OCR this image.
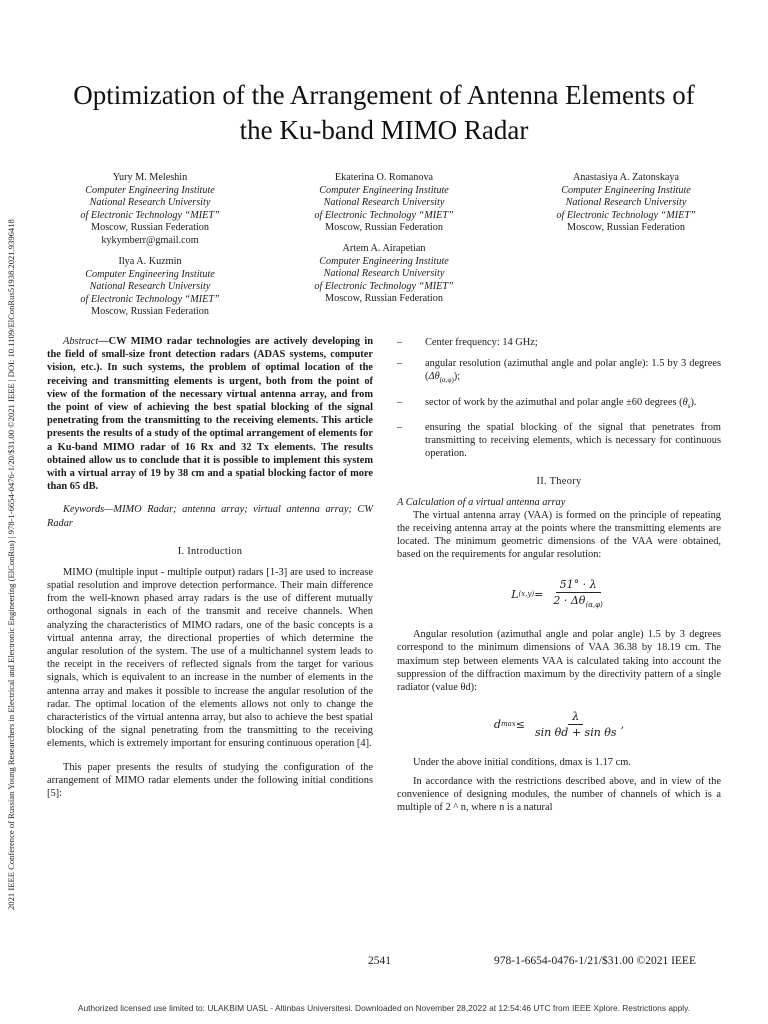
2021 IEEE Conference of Russian Young Researchers in Electrical and Electronic Engineering (ElConRus) | 978-1-6654-0476-1/20/$31.00 ©2021 IEEE | DOI: 10.1109/ElConRus51938.2021.9396418
Optimization of the Arrangement of Antenna Elements of the Ku-band MIMO Radar
Yury M. Meleshin
Computer Engineering Institute
National Research University
of Electronic Technology “MIET”
Moscow, Russian Federation
kykymberr@gmail.com
Ekaterina O. Romanova
Computer Engineering Institute
National Research University
of Electronic Technology “MIET”
Moscow, Russian Federation
Anastasiya A. Zatonskaya
Computer Engineering Institute
National Research University
of Electronic Technology “MIET”
Moscow, Russian Federation
Ilya A. Kuzmin
Computer Engineering Institute
National Research University
of Electronic Technology “MIET”
Moscow, Russian Federation
Artem A. Airapetian
Computer Engineering Institute
National Research University
of Electronic Technology “MIET”
Moscow, Russian Federation

Abstract—CW MIMO radar technologies are actively developing in the field of small-size front detection radars (ADAS systems, computer vision, etc.). In such systems, the problem of optimal location of the receiving and transmitting elements is urgent, both from the point of view of the formation of the necessary virtual antenna array, and from the point of view of achieving the best spatial blocking of the signal penetrating from the transmitting to the receiving elements. This article presents the results of a study of the optimal arrangement of elements for a Ku-band MIMO radar of 16 Rx and 32 Tx elements. The results obtained allow us to conclude that it is possible to implement this system with a virtual array of 19 by 38 cm and a spatial blocking factor of more than 65 dB.

Keywords—MIMO Radar; antenna array; virtual antenna array; CW Radar

I. Introduction

MIMO (multiple input - multiple output) radars [1-3] are used to increase spatial resolution and improve detection performance. Their main difference from the well-known phased array radars is the use of different mutually orthogonal signals in each of the transmit and receive channels. When analyzing the characteristics of MIMO radars, one of the basic concepts is a virtual antenna array, the directional properties of which determine the angular resolution of the system. The use of a multichannel system leads to the receipt in the receivers of reflected signals from the target for various signals, which is equivalent to an increase in the number of elements in the antenna array and makes it possible to increase the angular resolution of the radar. The optimal location of the elements allows not only to change the characteristics of the virtual antenna array, but also to achieve the best spatial blocking of the signal penetrating from the transmitting to the receiving elements, which is extremely important for ensuring continuous operation [4].

This paper presents the results of studying the configuration of the arrangement of MIMO radar elements under the following initial conditions [5]:

– Center frequency: 14 GHz;
– angular resolution (azimuthal angle and polar angle): 1.5 by 3 degrees $(\Delta\theta_{(\alpha,\varphi)})$;
– sector of work by the azimuthal and polar angle ±60 degrees $(\theta_s)$.
– ensuring the spatial blocking of the signal that penetrates from transmitting to receiving elements, which is necessary for continuous operation.
II. Theory

A Calculation of a virtual antenna array

The virtual antenna array (VAA) is formed on the principle of repeating the receiving antenna array at the points where the transmitting elements are located. The minimum geometric dimensions of the VAA were obtained, based on the requirements for angular resolution:

L $(x,y) = \frac{51^\circ \cdot \lambda}{2 \cdot \Delta\theta_{(\alpha,\varphi)}}$

Angular resolution (azimuthal angle and polar angle) 1.5 by 3 degrees correspond to the minimum dimensions of VAA 36.38 by 18.19 cm. The maximum step between elements VAA is calculated taking into account the suppression of the diffraction maximum by the directivity pattern of a single radiator (value θd):

d $\max \le \frac{\lambda}{\text{sin θd + sin θs}}$ ,

Under the above initial conditions, dmax is 1.17 cm.

In accordance with the restrictions described above, and in view of the convenience of designing modules, the number of channels of which is a multiple of 2 ^ n, where n is a natural

2541	978-1-6654-0476-1/21/$31.00 ©2021 IEEE
Authorized licensed use limited to: ULAKBIM UASL - Altinbas Universitesi. Downloaded on November 28,2022 at 12:54:46 UTC from IEEE Xplore. Restrictions apply.
